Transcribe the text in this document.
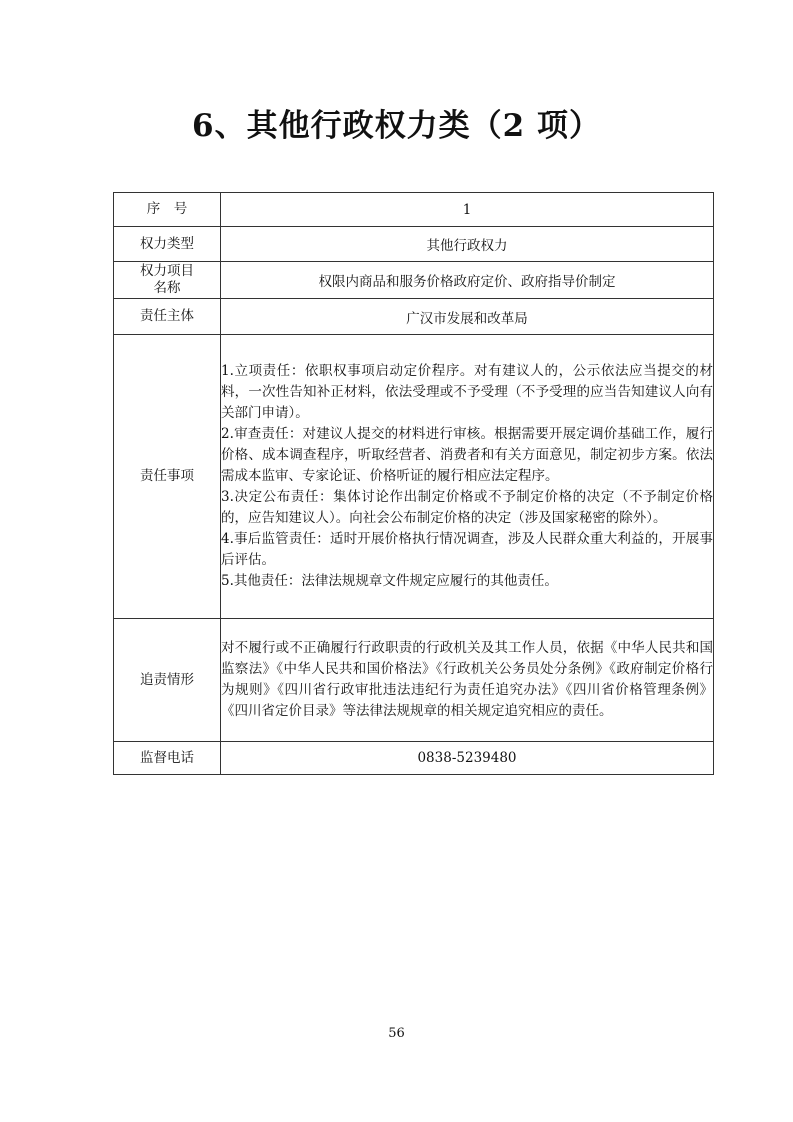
6、其他行政权力类（2 项）
序　号	1
权力类型	其他行政权力

权力项目
名称	权限内商品和服务价格政府定价、政府指导价制定
责任主体	广汉市发展和改革局
责任事项	1.立项责任：依职权事项启动定价程序。对有建议人的，公示依法应当提交的材料，一次性告知补正材料，依法受理或不予受理（不予受理的应当告知建议人向有关部门申请）。
2.审查责任：对建议人提交的材料进行审核。根据需要开展定调价基础工作，履行价格、成本调查程序，听取经营者、消费者和有关方面意见，制定初步方案。依法需成本监审、专家论证、价格听证的履行相应法定程序。
3.决定公布责任：集体讨论作出制定价格或不予制定价格的决定（不予制定价格的，应告知建议人）。向社会公布制定价格的决定（涉及国家秘密的除外）。
4.事后监管责任：适时开展价格执行情况调查，涉及人民群众重大利益的，开展事后评估。
5.其他责任：法律法规规章文件规定应履行的其他责任。

追责情形	对不履行或不正确履行行政职责的行政机关及其工作人员，依据《中华人民共和国监察法》《中华人民共和国价格法》《行政机关公务员处分条例》《政府制定价格行为规则》《四川省行政审批违法违纪行为责任追究办法》《四川省价格管理条例》《四川省定价目录》等法律法规规章的相关规定追究相应的责任。

监督电话	0838-5239480
56
